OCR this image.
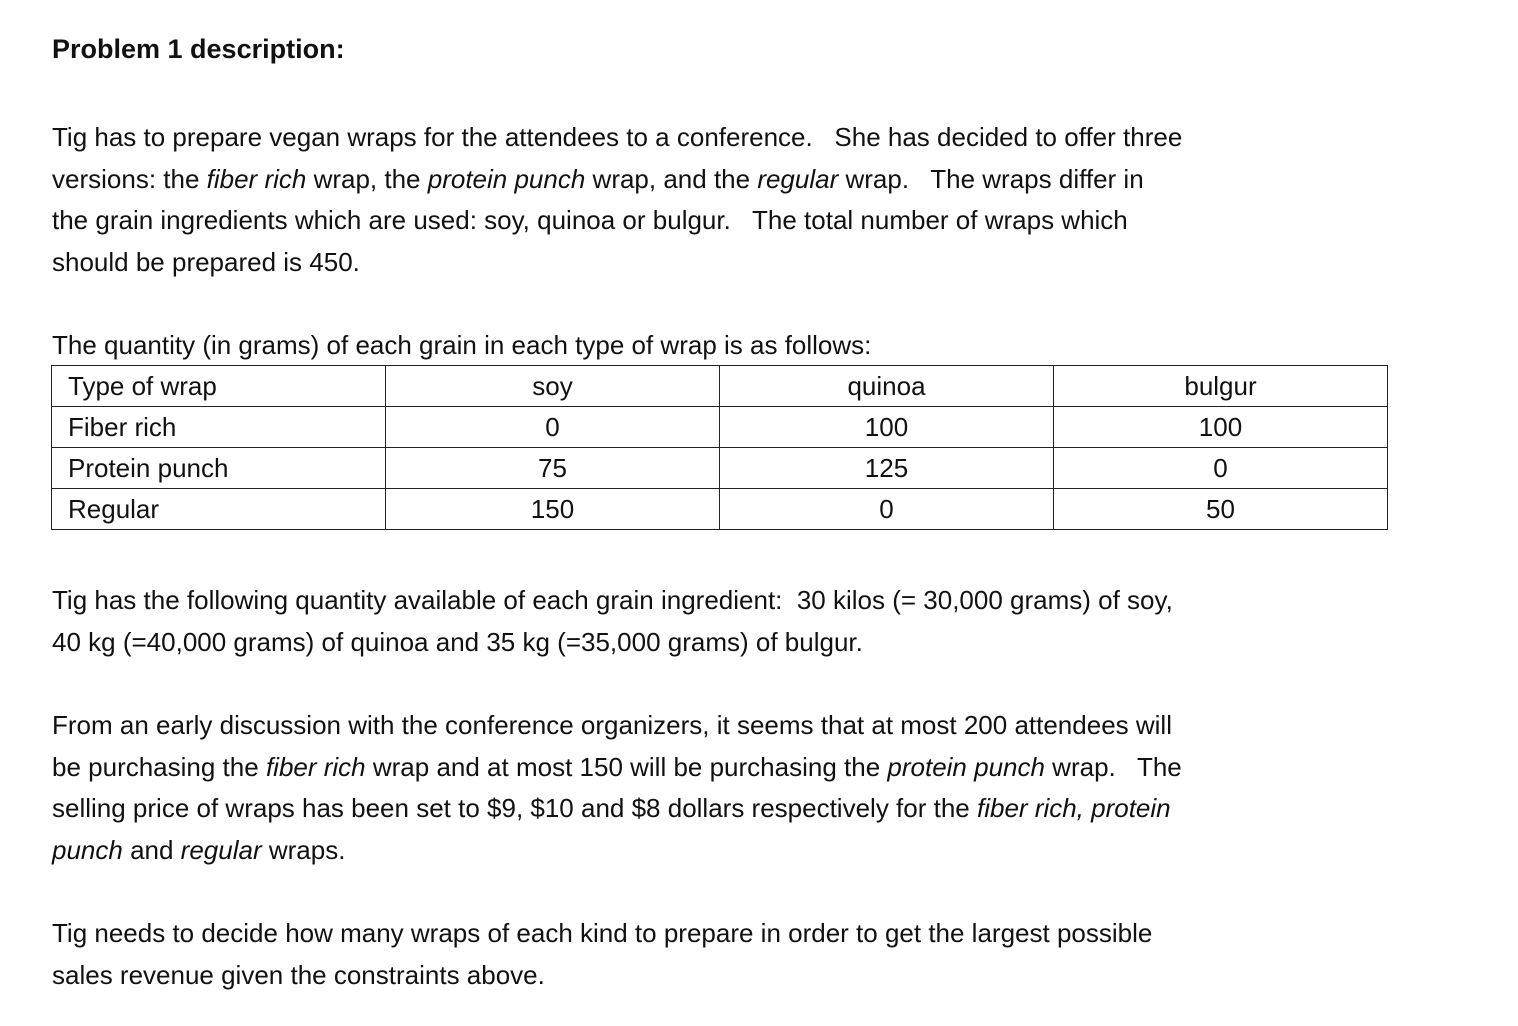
Problem 1 description:
Tig has to prepare vegan wraps for the attendees to a conference.   She has decided to offer three
versions: the fiber rich wrap, the protein punch wrap, and the regular wrap.   The wraps differ in
the grain ingredients which are used: soy, quinoa or bulgur.   The total number of wraps which
should be prepared is 450.
The quantity (in grams) of each grain in each type of wrap is as follows:
Type of wrap	soy	quinoa	bulgur
Fiber rich	0	100	100
Protein punch	75	125	0
Regular	150	0	50
Tig has the following quantity available of each grain ingredient:  30 kilos (= 30,000 grams) of soy,
40 kg (=40,000 grams) of quinoa and 35 kg (=35,000 grams) of bulgur.
From an early discussion with the conference organizers, it seems that at most 200 attendees will
be purchasing the fiber rich wrap and at most 150 will be purchasing the protein punch wrap.   The
selling price of wraps has been set to $9, $10 and $8 dollars respectively for the fiber rich, protein
punch and regular wraps.
Tig needs to decide how many wraps of each kind to prepare in order to get the largest possible
sales revenue given the constraints above.
